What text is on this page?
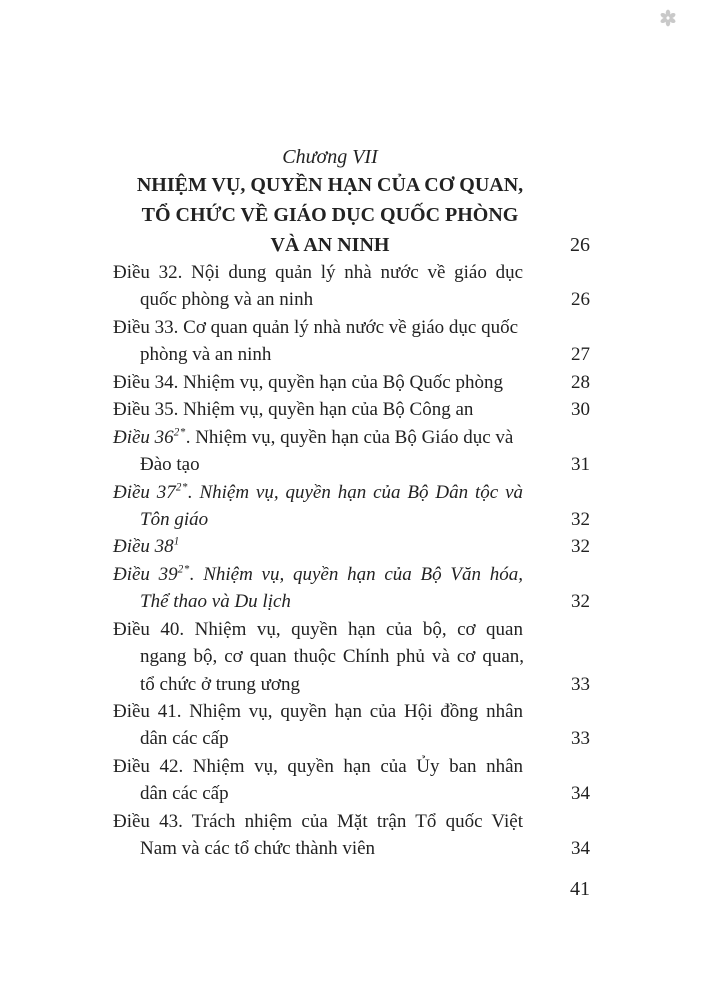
Chương VII
NHIỆM VỤ, QUYỀN HẠN CỦA CƠ QUAN,
TỔ CHỨC VỀ GIÁO DỤC QUỐC PHÒNG
VÀ AN NINH	26
Điều 32. Nội dung quản lý nhà nước về giáo dục
quốc phòng và an ninh	26
Điều 33. Cơ quan quản lý nhà nước về giáo dục quốc
phòng và an ninh	27
Điều 34. Nhiệm vụ, quyền hạn của Bộ Quốc phòng	28
Điều 35. Nhiệm vụ, quyền hạn của Bộ Công an	30
Điều $36^{2*}$. Nhiệm vụ, quyền hạn của Bộ Giáo dục và
Đào tạo	31
Điều $37^{2*}$. Nhiệm vụ, quyền hạn của Bộ Dân tộc và
Tôn giáo	32
Điều $38^1$	32
Điều $39^{2*}$. Nhiệm vụ, quyền hạn của Bộ Văn hóa,
Thể thao và Du lịch	32
Điều 40. Nhiệm vụ, quyền hạn của bộ, cơ quan
ngang bộ, cơ quan thuộc Chính phủ và cơ quan,
tổ chức ở trung ương	33
Điều 41. Nhiệm vụ, quyền hạn của Hội đồng nhân
dân các cấp	33
Điều 42. Nhiệm vụ, quyền hạn của Ủy ban nhân
dân các cấp	34
Điều 43. Trách nhiệm của Mặt trận Tổ quốc Việt
Nam và các tổ chức thành viên	34
41
